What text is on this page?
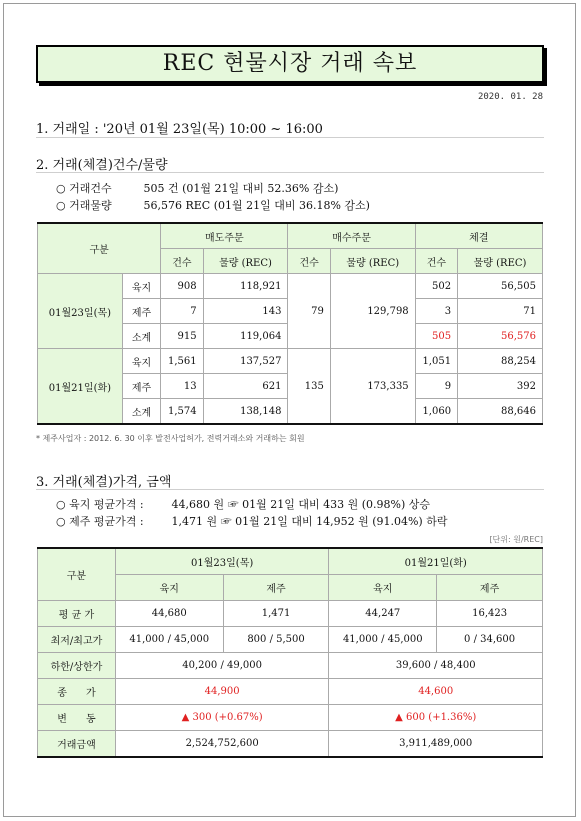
REC 현물시장 거래 속보
2020. 01. 28
1. 거래일 : '20년 01월 23일(목) 10:00 ~ 16:00
2. 거래(체결)건수/물량
○ 거래건수	505 건 (01월 21일 대비 52.36% 감소)
○ 거래물량	56,576 REC (01월 21일 대비 36.18% 감소)
구분		매도주문		매수주문		체결	
		건수	물량 (REC)	건수	물량 (REC)	건수	물량 (REC)
01월23일(목)	육지	908	118,921	79	129,798	502	56,505
	제주	7	143			3	71
	소계	915	119,064			505	56,576
01월21일(화)	육지	1,561	137,527	135	173,335	1,051	88,254
	제주	13	621			9	392
	소계	1,574	138,148			1,060	88,646
* 제주사업자 : 2012. 6. 30 이후 발전사업허가, 전력거래소와 거래하는 회원
3. 거래(체결)가격, 금액
○ 육지 평균가격 :	44,680 원 ☞ 01월 21일 대비 433 원 (0.98%) 상승
○ 제주 평균가격 :	1,471 원 ☞ 01월 21일 대비 14,952 원 (91.04%) 하락
[단위: 원/REC]
구분	01월23일(목)		01월21일(화)	
	육지	제주	육지	제주
평 균 가	44,680	1,471	44,247	16,423
최저/최고가	41,000 / 45,000	800 / 5,500	41,000 / 45,000	0 / 34,600
하한/상한가	40,200 / 49,000		39,600 / 48,400	
종      가	44,900		44,600	
변      동	▲ 300 (+0.67%)		▲ 600 (+1.36%)	
거래금액	2,524,752,600		3,911,489,000	
